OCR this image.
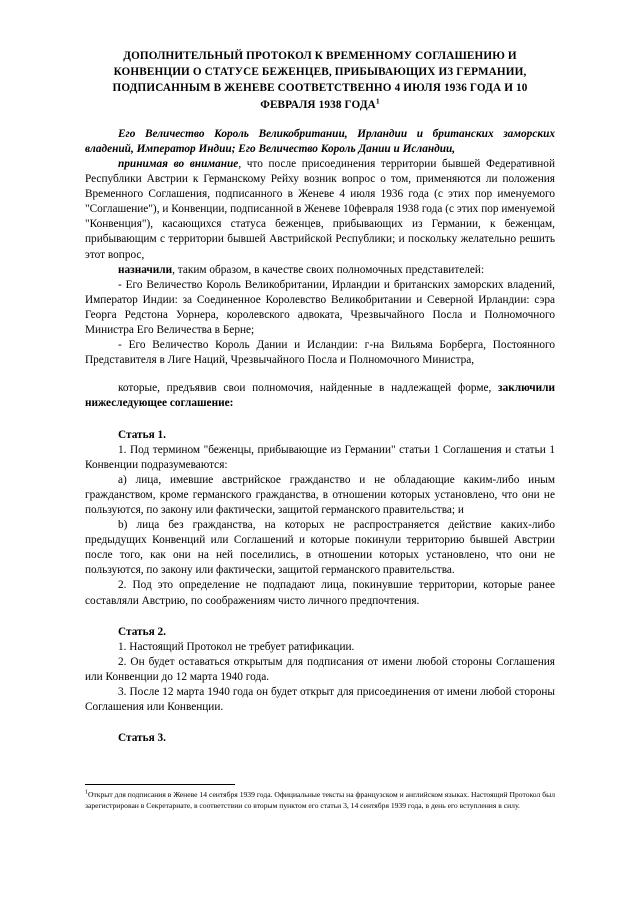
ДОПОЛНИТЕЛЬНЫЙ ПРОТОКОЛ К ВРЕМЕННОМУ СОГЛАШЕНИЮ И КОНВЕНЦИИ О СТАТУСЕ БЕЖЕНЦЕВ, ПРИБЫВАЮЩИХ ИЗ ГЕРМАНИИ, ПОДПИСАННЫМ В ЖЕНЕВЕ СООТВЕТСТВЕННО 4 ИЮЛЯ 1936 ГОДА И 10 ФЕВРАЛЯ 1938 ГОДА$^1$

Его Величество Король Великобритании, Ирландии и британских заморских владений, Император Индии; Его Величество Король Дании и Исландии,

принимая во внимание, что после присоединения территории бывшей Федеративной Республики Австрии к Германскому Рейху возник вопрос о том, применяются ли положения Временного Соглашения, подписанного в Женеве 4 июля 1936 года (с этих пор именуемого "Соглашение"), и Конвенции, подписанной в Женеве 10февраля 1938 года (с этих пор именуемой "Конвенция"), касающихся статуса беженцев, прибывающих из Германии, к беженцам, прибывающим с территории бывшей Австрийской Республики; и поскольку желательно решить этот вопрос,

назначили, таким образом, в качестве своих полномочных представителей:

- Его Величество Король Великобритании, Ирландии и британских заморских владений, Император Индии: за Соединенное Королевство Великобритании и Северной Ирландии: сэра Георга Редстона Уорнера, королевского адвоката, Чрезвычайного Посла и Полномочного Министра Его Величества в Берне;

- Его Величество Король Дании и Исландии: г-на Вильяма Борберга, Постоянного Представителя в Лиге Наций, Чрезвычайного Посла и Полномочного Министра,

которые, предъявив свои полномочия, найденные в надлежащей форме, заключили нижеследующее соглашение:

Статья 1.

1. Под термином "беженцы, прибывающие из Германии" статьи 1 Соглашения и статьи 1 Конвенции подразумеваются:

a) лица, имевшие австрийское гражданство и не обладающие каким-либо иным гражданством, кроме германского гражданства, в отношении которых установлено, что они не пользуются, по закону или фактически, защитой германского правительства; и

b) лица без гражданства, на которых не распространяется действие каких-либо предыдущих Конвенций или Соглашений и которые покинули территорию бывшей Австрии после того, как они на ней поселились, в отношении которых установлено, что они не пользуются, по закону или фактически, защитой германского правительства.

2. Под это определение не подпадают лица, покинувшие территории, которые ранее составляли Австрию, по соображениям чисто личного предпочтения.

Статья 2.

1. Настоящий Протокол не требует ратификации.

2. Он будет оставаться открытым для подписания от имени любой стороны Соглашения или Конвенции до 12 марта 1940 года.

3. После 12 марта 1940 года он будет открыт для присоединения от имени любой стороны Соглашения или Конвенции.

Статья 3.

$^1$Открыт для подписания в Женеве 14 сентября 1939 года. Официальные тексты на французском и английском языках. Настоящий Протокол был зарегистрирован в Секретариате, в соответствии со вторым пунктом его статьи 3, 14 сентября 1939 года, в день его вступления в силу.
